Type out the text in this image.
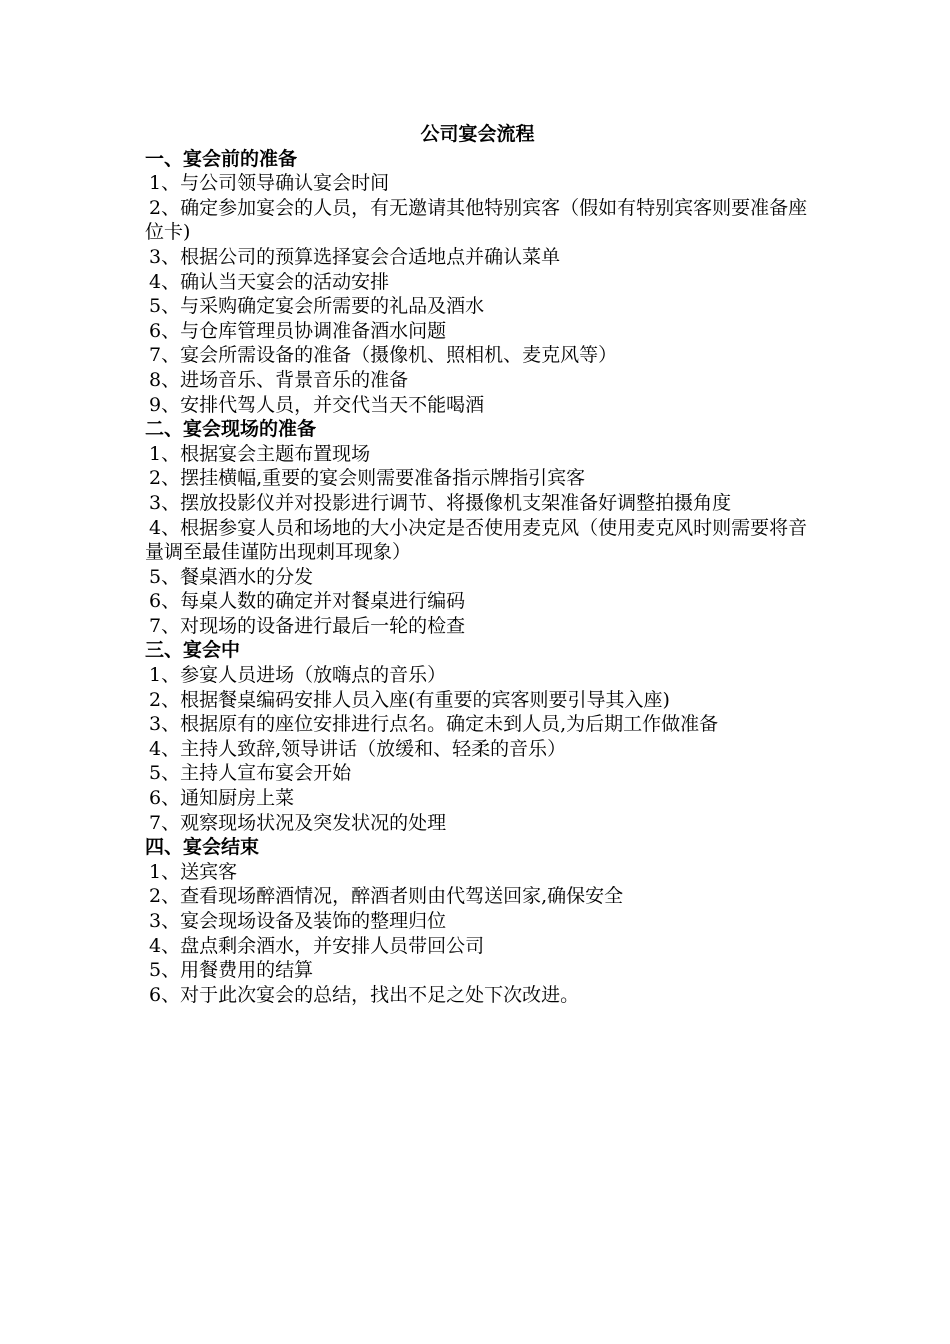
公司宴会流程

一、宴会前的准备

1、与公司领导确认宴会时间

2、确定参加宴会的人员，有无邀请其他特别宾客（假如有特别宾客则要准备座位卡)

3、根据公司的预算选择宴会合适地点并确认菜单

4、确认当天宴会的活动安排

5、与采购确定宴会所需要的礼品及酒水

6、与仓库管理员协调准备酒水问题

7、宴会所需设备的准备（摄像机、照相机、麦克风等）

8、进场音乐、背景音乐的准备

9、安排代驾人员，并交代当天不能喝酒

二、宴会现场的准备

1、根据宴会主题布置现场

2、摆挂横幅,重要的宴会则需要准备指示牌指引宾客

3、摆放投影仪并对投影进行调节、将摄像机支架准备好调整拍摄角度

4、根据参宴人员和场地的大小决定是否使用麦克风（使用麦克风时则需要将音量调至最佳谨防出现刺耳现象）

5、餐桌酒水的分发

6、每桌人数的确定并对餐桌进行编码

7、对现场的设备进行最后一轮的检查

三、宴会中

1、参宴人员进场（放嗨点的音乐）

2、根据餐桌编码安排人员入座(有重要的宾客则要引导其入座)

3、根据原有的座位安排进行点名。确定未到人员,为后期工作做准备

4、主持人致辞,领导讲话（放缓和、轻柔的音乐）

5、主持人宣布宴会开始

6、通知厨房上菜

7、观察现场状况及突发状况的处理

四、宴会结束

1、送宾客

2、查看现场醉酒情况，醉酒者则由代驾送回家,确保安全

3、宴会现场设备及装饰的整理归位

4、盘点剩余酒水，并安排人员带回公司

5、用餐费用的结算

6、对于此次宴会的总结，找出不足之处下次改进。
